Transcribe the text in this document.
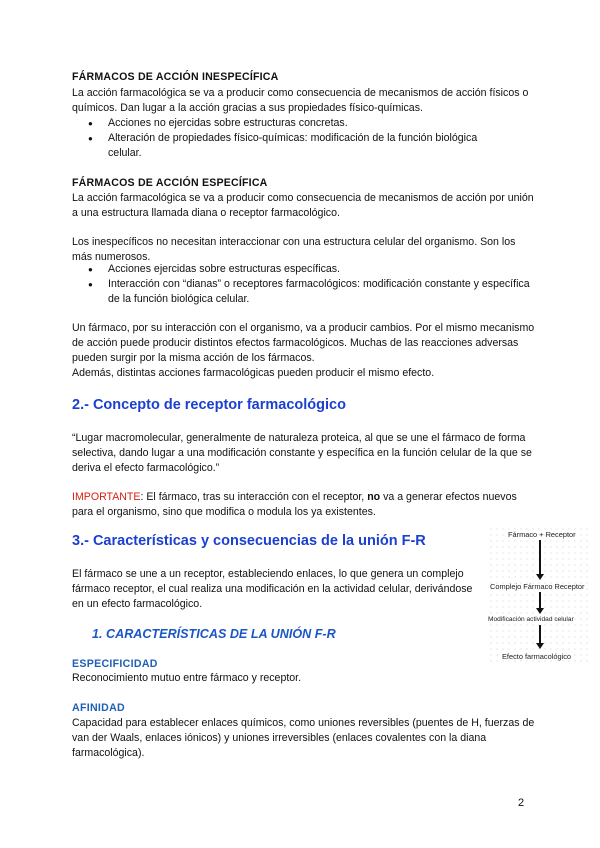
FÁRMACOS DE ACCIÓN INESPECÍFICA

La acción farmacológica se va a producir como consecuencia de mecanismos de acción físicos o químicos. Dan lugar a la acción gracias a sus propiedades físico-químicas.

● Acciones no ejercidas sobre estructuras concretas.
● Alteración de propiedades físico-químicas: modificación de la función biológica celular.
FÁRMACOS DE ACCIÓN ESPECÍFICA

La acción farmacológica se va a producir como consecuencia de mecanismos de acción por unión a una estructura llamada diana o receptor farmacológico.

Los inespecíficos no necesitan interaccionar con una estructura celular del organismo. Son los más numerosos.

● Acciones ejercidas sobre estructuras específicas.
● Interacción con “dianas” o receptores farmacológicos: modificación constante y específica de la función biológica celular.

Un fármaco, por su interacción con el organismo, va a producir cambios. Por el mismo mecanismo de acción puede producir distintos efectos farmacológicos. Muchas de las reacciones adversas pueden surgir por la misma acción de los fármacos.

Además, distintas acciones farmacológicas pueden producir el mismo efecto.

2.- Concepto de receptor farmacológico

“Lugar macromolecular, generalmente de naturaleza proteica, al que se une el fármaco de forma selectiva, dando lugar a una modificación constante y específica en la función celular de la que se deriva el efecto farmacológico.”

IMPORTANTE: El fármaco, tras su interacción con el receptor, no va a generar efectos nuevos para el organismo, sino que modifica o modula los ya existentes.

3.- Características y consecuencias de la unión F-R

El fármaco se une a un receptor, estableciendo enlaces, lo que genera un complejo fármaco receptor, el cual realiza una modificación en la actividad celular, derivándose en un efecto farmacológico.

1. CARACTERÍSTICAS DE LA UNIÓN F-R
ESPECIFICIDAD

Reconocimiento mutuo entre fármaco y receptor.

AFINIDAD

Capacidad para establecer enlaces químicos, como uniones reversibles (puentes de H, fuerzas de van der Waals, enlaces iónicos) y uniones irreversibles (enlaces covalentes con la diana farmacológica).

Fármaco + Receptor
Complejo Fármaco Receptor
Modificación actividad celular
Efecto farmacológico
2
